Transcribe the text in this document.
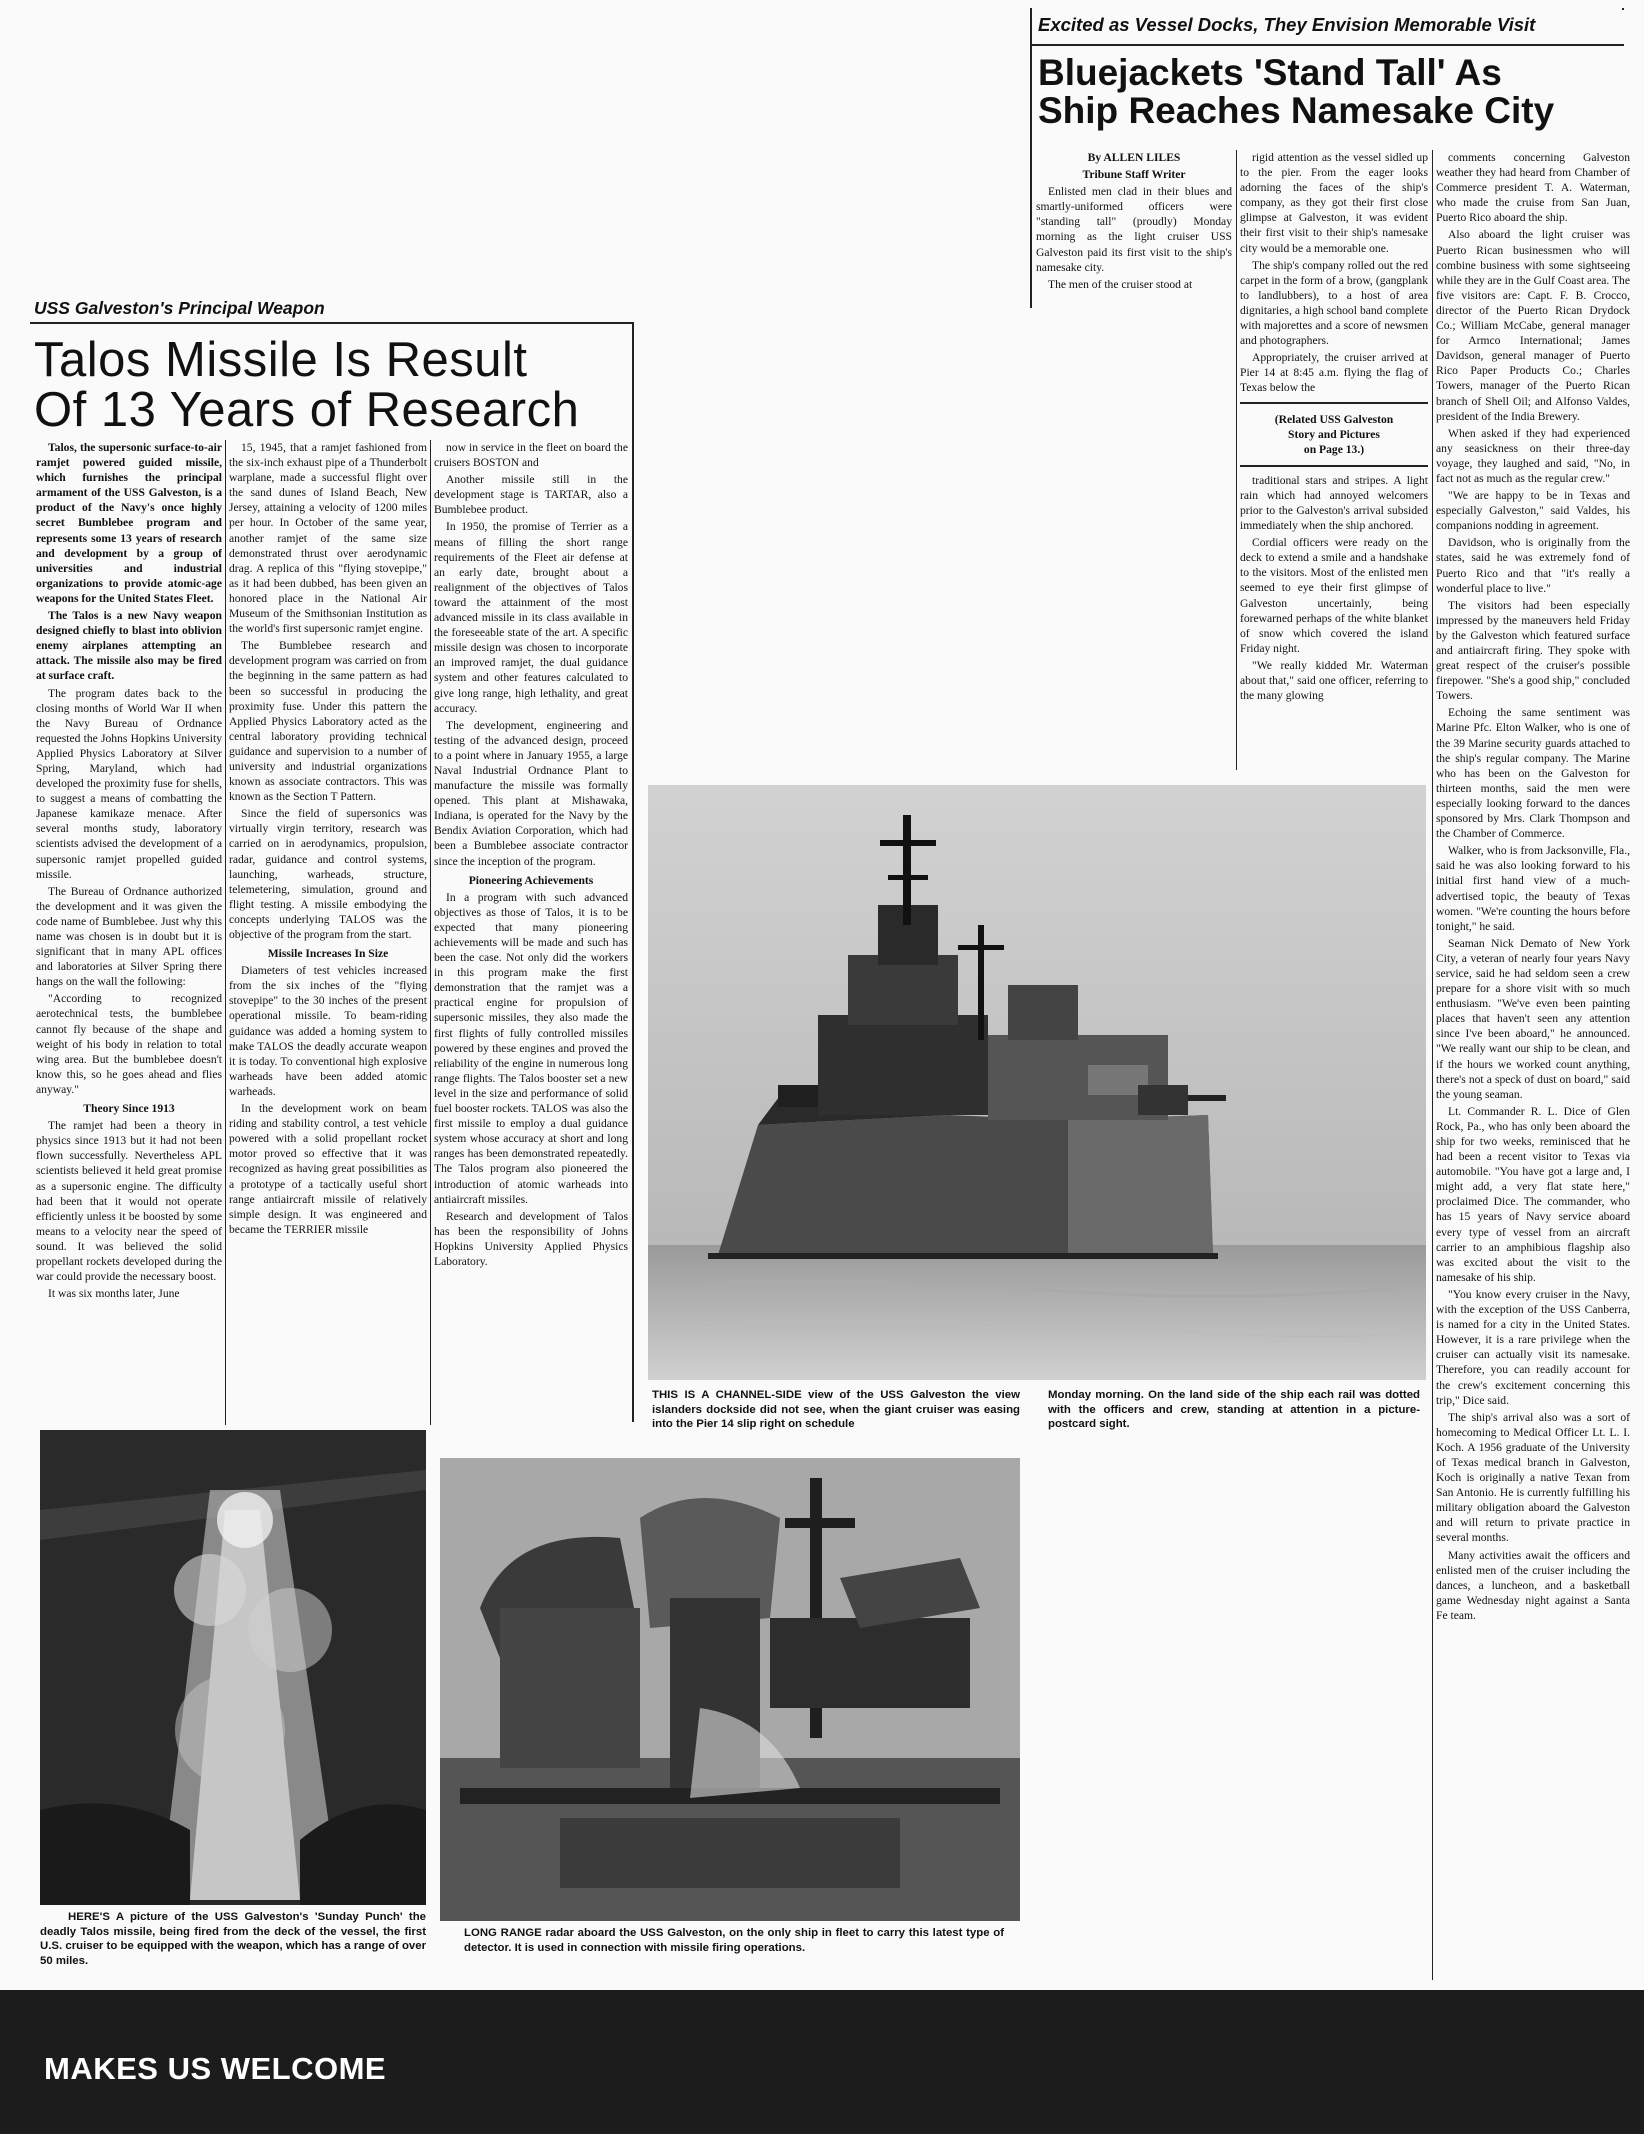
Excited as Vessel Docks, They Envision Memorable Visit
Bluejackets 'Stand Tall' As
Ship Reaches Namesake City

By ALLEN LILES

Tribune Staff Writer

Enlisted men clad in their blues and smartly-uniformed officers were "standing tall" (proudly) Monday morning as the light cruiser USS Galveston paid its first visit to the ship's namesake city.

The men of the cruiser stood at

rigid attention as the vessel sidled up to the pier. From the eager looks adorning the faces of the ship's company, as they got their first close glimpse at Galveston, it was evident their first visit to their ship's namesake city would be a memorable one.

The ship's company rolled out the red carpet in the form of a brow, (gangplank to landlubbers), to a host of area dignitaries, a high school band complete with majorettes and a score of newsmen and photographers.

Appropriately, the cruiser arrived at Pier 14 at 8:45 a.m. flying the flag of Texas below the

(Related USS Galveston
Story and Pictures
on Page 13.)

traditional stars and stripes. A light rain which had annoyed welcomers prior to the Galveston's arrival subsided immediately when the ship anchored.

Cordial officers were ready on the deck to extend a smile and a handshake to the visitors. Most of the enlisted men seemed to eye their first glimpse of Galveston uncertainly, being forewarned perhaps of the white blanket of snow which covered the island Friday night.

"We really kidded Mr. Waterman about that," said one officer, referring to the many glowing

comments concerning Galveston weather they had heard from Chamber of Commerce president T. A. Waterman, who made the cruise from San Juan, Puerto Rico aboard the ship.

Also aboard the light cruiser was Puerto Rican businessmen who will combine business with some sightseeing while they are in the Gulf Coast area. The five visitors are: Capt. F. B. Crocco, director of the Puerto Rican Drydock Co.; William McCabe, general manager for Armco International; James Davidson, general manager of Puerto Rico Paper Products Co.; Charles Towers, manager of the Puerto Rican branch of Shell Oil; and Alfonso Valdes, president of the India Brewery.

When asked if they had experienced any seasickness on their three-day voyage, they laughed and said, "No, in fact not as much as the regular crew."

"We are happy to be in Texas and especially Galveston," said Valdes, his companions nodding in agreement.

Davidson, who is originally from the states, said he was extremely fond of Puerto Rico and that "it's really a wonderful place to live."

The visitors had been especially impressed by the maneuvers held Friday by the Galveston which featured surface and antiaircraft firing. They spoke with great respect of the cruiser's possible firepower. "She's a good ship," concluded Towers.

Echoing the same sentiment was Marine Pfc. Elton Walker, who is one of the 39 Marine security guards attached to the ship's regular company. The Marine who has been on the Galveston for thirteen months, said the men were especially looking forward to the dances sponsored by Mrs. Clark Thompson and the Chamber of Commerce.

Walker, who is from Jacksonville, Fla., said he was also looking forward to his initial first hand view of a much-advertised topic, the beauty of Texas women. "We're counting the hours before tonight," he said.

Seaman Nick Demato of New York City, a veteran of nearly four years Navy service, said he had seldom seen a crew prepare for a shore visit with so much enthusiasm. "We've even been painting places that haven't seen any attention since I've been aboard," he announced. "We really want our ship to be clean, and if the hours we worked count anything, there's not a speck of dust on board," said the young seaman.

Lt. Commander R. L. Dice of Glen Rock, Pa., who has only been aboard the ship for two weeks, reminisced that he had been a recent visitor to Texas via automobile. "You have got a large and, I might add, a very flat state here," proclaimed Dice. The commander, who has 15 years of Navy service aboard every type of vessel from an aircraft carrier to an amphibious flagship also was excited about the visit to the namesake of his ship.

"You know every cruiser in the Navy, with the exception of the USS Canberra, is named for a city in the United States. However, it is a rare privilege when the cruiser can actually visit its namesake. Therefore, you can readily account for the crew's excitement concerning this trip," Dice said.

The ship's arrival also was a sort of homecoming to Medical Officer Lt. L. I. Koch. A 1956 graduate of the University of Texas medical branch in Galveston, Koch is originally a native Texan from San Antonio. He is currently fulfilling his military obligation aboard the Galveston and will return to private practice in several months.

Many activities await the officers and enlisted men of the cruiser including the dances, a luncheon, and a basketball game Wednesday night against a Santa Fe team.

USS Galveston's Principal Weapon
Talos Missile Is Result
Of 13 Years of Research

Talos, the supersonic surface-to-air ramjet powered guided missile, which furnishes the principal armament of the USS Galveston, is a product of the Navy's once highly secret Bumblebee program and represents some 13 years of research and development by a group of universities and industrial organizations to provide atomic-age weapons for the United States Fleet.

The Talos is a new Navy weapon designed chiefly to blast into oblivion enemy airplanes attempting an attack. The missile also may be fired at surface craft.

The program dates back to the closing months of World War II when the Navy Bureau of Ordnance requested the Johns Hopkins University Applied Physics Laboratory at Silver Spring, Maryland, which had developed the proximity fuse for shells, to suggest a means of combatting the Japanese kamikaze menace. After several months study, laboratory scientists advised the development of a supersonic ramjet propelled guided missile.

The Bureau of Ordnance authorized the development and it was given the code name of Bumblebee. Just why this name was chosen is in doubt but it is significant that in many APL offices and laboratories at Silver Spring there hangs on the wall the following:

"According to recognized aerotechnical tests, the bumblebee cannot fly because of the shape and weight of his body in relation to total wing area. But the bumblebee doesn't know this, so he goes ahead and flies anyway."

Theory Since 1913

The ramjet had been a theory in physics since 1913 but it had not been flown successfully. Nevertheless APL scientists believed it held great promise as a supersonic engine. The difficulty had been that it would not operate efficiently unless it be boosted by some means to a velocity near the speed of sound. It was believed the solid propellant rockets developed during the war could provide the necessary boost.

It was six months later, June

15, 1945, that a ramjet fashioned from the six-inch exhaust pipe of a Thunderbolt warplane, made a successful flight over the sand dunes of Island Beach, New Jersey, attaining a velocity of 1200 miles per hour. In October of the same year, another ramjet of the same size demonstrated thrust over aerodynamic drag. A replica of this "flying stovepipe," as it had been dubbed, has been given an honored place in the National Air Museum of the Smithsonian Institution as the world's first supersonic ramjet engine.

The Bumblebee research and development program was carried on from the beginning in the same pattern as had been so successful in producing the proximity fuse. Under this pattern the Applied Physics Laboratory acted as the central laboratory providing technical guidance and supervision to a number of university and industrial organizations known as associate contractors. This was known as the Section T Pattern.

Since the field of supersonics was virtually virgin territory, research was carried on in aerodynamics, propulsion, radar, guidance and control systems, launching, warheads, structure, telemetering, simulation, ground and flight testing. A missile embodying the concepts underlying TALOS was the objective of the program from the start.

Missile Increases In Size

Diameters of test vehicles increased from the six inches of the "flying stovepipe" to the 30 inches of the present operational missile. To beam-riding guidance was added a homing system to make TALOS the deadly accurate weapon it is today. To conventional high explosive warheads have been added atomic warheads.

In the development work on beam riding and stability control, a test vehicle powered with a solid propellant rocket motor proved so effective that it was recognized as having great possibilities as a prototype of a tactically useful short range antiaircraft missile of relatively simple design. It was engineered and became the TERRIER missile

now in service in the fleet on board the cruisers BOSTON and

Another missile still in the development stage is TARTAR, also a Bumblebee product.

In 1950, the promise of Terrier as a means of filling the short range requirements of the Fleet air defense at an early date, brought about a realignment of the objectives of Talos toward the attainment of the most advanced missile in its class available in the foreseeable state of the art. A specific missile design was chosen to incorporate an improved ramjet, the dual guidance system and other features calculated to give long range, high lethality, and great accuracy.

The development, engineering and testing of the advanced design, proceed to a point where in January 1955, a large Naval Industrial Ordnance Plant to manufacture the missile was formally opened. This plant at Mishawaka, Indiana, is operated for the Navy by the Bendix Aviation Corporation, which had been a Bumblebee associate contractor since the inception of the program.

Pioneering Achievements

In a program with such advanced objectives as those of Talos, it is to be expected that many pioneering achievements will be made and such has been the case. Not only did the workers in this program make the first demonstration that the ramjet was a practical engine for propulsion of supersonic missiles, they also made the first flights of fully controlled missiles powered by these engines and proved the reliability of the engine in numerous long range flights. The Talos booster set a new level in the size and performance of solid fuel booster rockets. TALOS was also the first missile to employ a dual guidance system whose accuracy at short and long ranges has been demonstrated repeatedly. The Talos program also pioneered the introduction of atomic warheads into antiaircraft missiles.

Research and development of Talos has been the responsibility of Johns Hopkins University Applied Physics Laboratory.

THIS IS A CHANNEL-SIDE view of the USS Galveston the view islanders dockside did not see, when the giant cruiser was easing into the Pier 14 slip right on schedule
Monday morning. On the land side of the ship each rail was dotted with the officers and crew, standing at attention in a picture-postcard sight.
HERE'S A picture of the USS Galveston's 'Sunday Punch' the deadly Talos missile, being fired from the deck of the vessel, the first U.S. cruiser to be equipped with the weapon, which has a range of over 50 miles.
LONG RANGE radar aboard the USS Galveston, on the only ship in fleet to carry this latest type of detector. It is used in connection with missile firing operations.
MAKES US WELCOME
